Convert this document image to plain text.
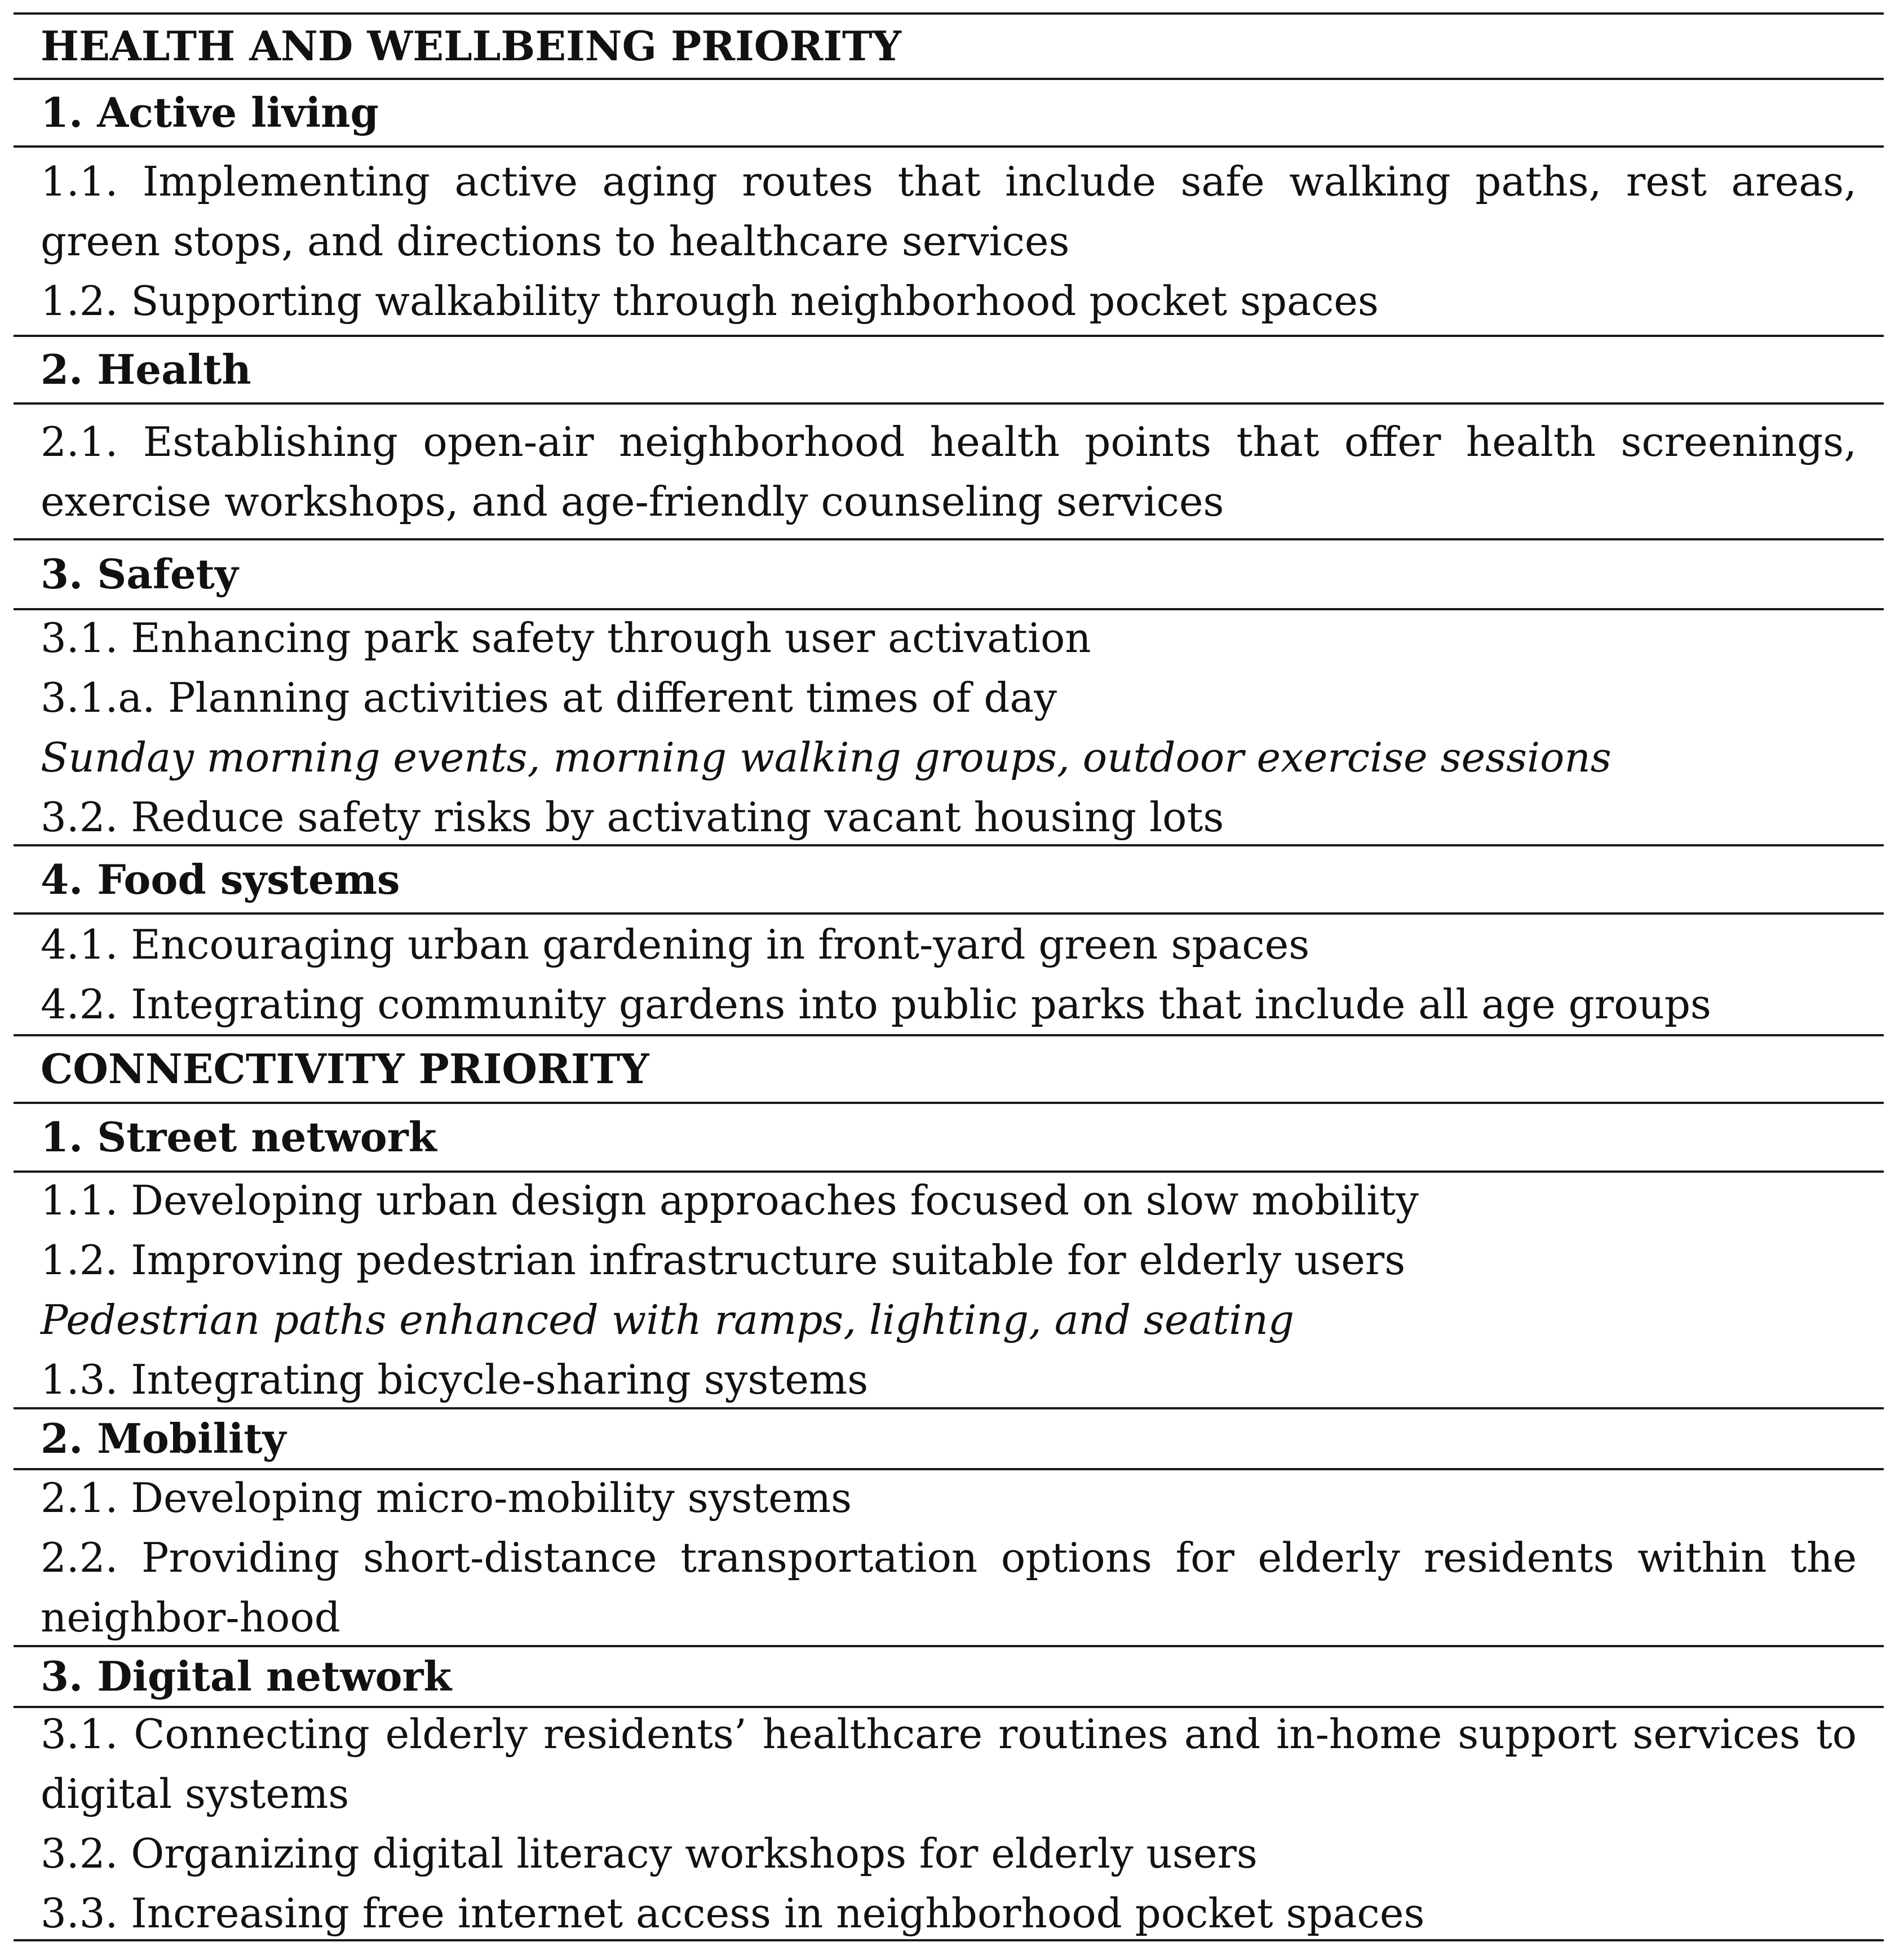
HEALTH AND WELLBEING PRIORITY
1. Active living
1.1. Implementing active aging routes that include safe walking paths, rest areas, green stops, and directions to healthcare services
1.2. Supporting walkability through neighborhood pocket spaces
2. Health
2.1. Establishing open-air neighborhood health points that offer health screenings, exercise workshops, and age-friendly counseling services
3. Safety
3.1. Enhancing park safety through user activation
3.1.a. Planning activities at different times of day
Sunday morning events, morning walking groups, outdoor exercise sessions
3.2. Reduce safety risks by activating vacant housing lots
4. Food systems
4.1. Encouraging urban gardening in front-yard green spaces
4.2. Integrating community gardens into public parks that include all age groups
CONNECTIVITY PRIORITY
1. Street network
1.1. Developing urban design approaches focused on slow mobility
1.2. Improving pedestrian infrastructure suitable for elderly users
Pedestrian paths enhanced with ramps, lighting, and seating
1.3. Integrating bicycle-sharing systems
2. Mobility
2.1. Developing micro-mobility systems
2.2. Providing short-distance transportation options for elderly residents within the neighbor-hood
3. Digital network
3.1. Connecting elderly residents’ healthcare routines and in-home support services to digital systems
3.2. Organizing digital literacy workshops for elderly users
3.3. Increasing free internet access in neighborhood pocket spaces
